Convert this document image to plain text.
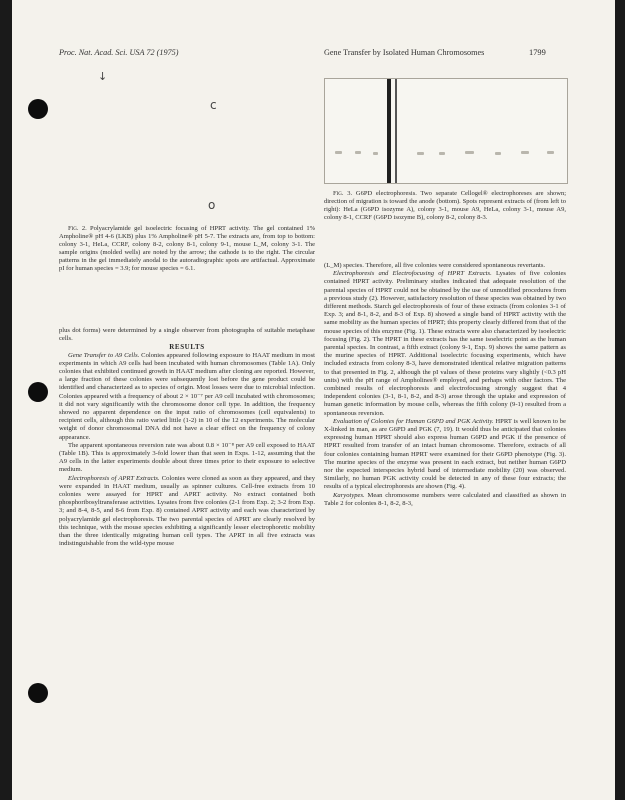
Proc. Nat. Acad. Sci. USA 72 (1975)	Gene Transfer by Isolated Human Chromosomes	1799
↓
c
o

Fig. 2. Polyacrylamide gel isoelectric focusing of HPRT activity. The gel contained 1% Ampholine® pH 4-6 (LKB) plus 1% Ampholine® pH 5-7. The extracts are, from top to bottom: colony 3-1, HeLa, CCRF, colony 8-2, colony 8-1, colony 9-1, mouse L_M, colony 3-1. The sample origins (molded wells) are noted by the arrow; the cathode is to the right. The circular patterns in the gel immediately anodal to the autoradiographic spots are artifactual. Approximate pI for human species = 3.9; for mouse species = 6.1.

Fig. 3. G6PD electrophoresis. Two separate Cellogel® electrophoreses are shown; direction of migration is toward the anode (bottom). Spots represent extracts of (from left to right): HeLa (G6PD isozyme A), colony 3-1, mouse A9, HeLa, colony 3-1, mouse A9, colony 8-1, CCRF (G6PD isozyme B), colony 8-2, colony 8-3.

plus dot forms) were determined by a single observer from photographs of suitable metaphase cells.

RESULTS

Gene Transfer to A9 Cells. Colonies appeared following exposure to HAAT medium in most experiments in which A9 cells had been incubated with human chromosomes (Table 1A). Only colonies that exhibited continued growth in HAAT medium after cloning are reported. However, a large fraction of these colonies were subsequently lost before the gene product could be identified and characterized as to species of origin. Most losses were due to microbial infection. Colonies appeared with a frequency of about 2 × 10⁻⁷ per A9 cell incubated with chromosomes; it did not vary significantly with the chromosome donor cell type. In addition, the frequency showed no apparent dependence on the input ratio of chromosomes (cell equivalents) to recipient cells, although this ratio varied little (1-2) in 10 of the 12 experiments. The molecular weight of donor chromosomal DNA did not have a clear effect on the frequency of colony appearance.

The apparent spontaneous reversion rate was about 0.8 × 10⁻⁸ per A9 cell exposed to HAAT (Table 1B). This is approximately 3-fold lower than that seen in Exps. 1-12, assuming that the A9 cells in the latter experiments double about three times prior to their exposure to selective medium.

Electrophoresis of APRT Extracts. Colonies were cloned as soon as they appeared, and they were expanded in HAAT medium, usually as spinner cultures. Cell-free extracts from 10 colonies were assayed for HPRT and APRT activity. No extract contained both phosphoribosyltransferase activities. Lysates from five colonies (2-1 from Exp. 2; 3-2 from Exp. 3; and 8-4, 8-5, and 8-6 from Exp. 8) contained APRT activity and each was characterized by polyacrylamide gel electrophoresis. The two parental species of APRT are clearly resolved by this technique, with the mouse species exhibiting a significantly lesser electrophoretic mobility than the three identically migrating human cell types. The APRT in all five extracts was indistinguishable from the wild-type mouse

(L_M) species. Therefore, all five colonies were considered spontaneous revertants.

Electrophoresis and Electrofocusing of HPRT Extracts. Lysates of five colonies contained HPRT activity. Preliminary studies indicated that adequate resolution of the parental species of HPRT could not be obtained by the use of unmodified procedures from a previous study (2). However, satisfactory resolution of these species was obtained by two different methods. Starch gel electrophoresis of four of these extracts (from colonies 3-1 of Exp. 3; and 8-1, 8-2, and 8-3 of Exp. 8) showed a single band of HPRT activity with the same mobility as the human species of HPRT; this property clearly differed from that of the mouse species of this enzyme (Fig. 1). These extracts were also characterized by isoelectric focusing (Fig. 2). The HPRT in these extracts has the same isoelectric point as the human parental species. In contrast, a fifth extract (colony 9-1, Exp. 9) shows the same pattern as the murine species of HPRT. Additional isoelectric focusing experiments, which have included extracts from colony 8-3, have demonstrated identical relative migration patterns to that presented in Fig. 2, although the pI values of these proteins vary slightly (<0.3 pH units) with the pH range of Ampholines® employed, and perhaps with other factors. The combined results of electrophoresis and electrofocusing strongly suggest that 4 independent colonies (3-1, 8-1, 8-2, and 8-3) arose through the uptake and expression of human genetic information by mouse cells, whereas the fifth colony (9-1) resulted from a spontaneous reversion.

Evaluation of Colonies for Human G6PD and PGK Activity. HPRT is well known to be X-linked in man, as are G6PD and PGK (7, 19). It would thus be anticipated that colonies expressing human HPRT should also express human G6PD and PGK if the presence of HPRT resulted from transfer of an intact human chromosome. Therefore, extracts of all four colonies containing human HPRT were examined for their G6PD phenotype (Fig. 3). The murine species of the enzyme was present in each extract, but neither human G6PD nor the expected interspecies hybrid band of intermediate mobility (20) was observed. Similarly, no human PGK activity could be detected in any of these four extracts; the results of a typical electrophoresis are shown (Fig. 4).

Karyotypes. Mean chromosome numbers were calculated and classified as shown in Table 2 for colonies 8-1, 8-2, 8-3,
